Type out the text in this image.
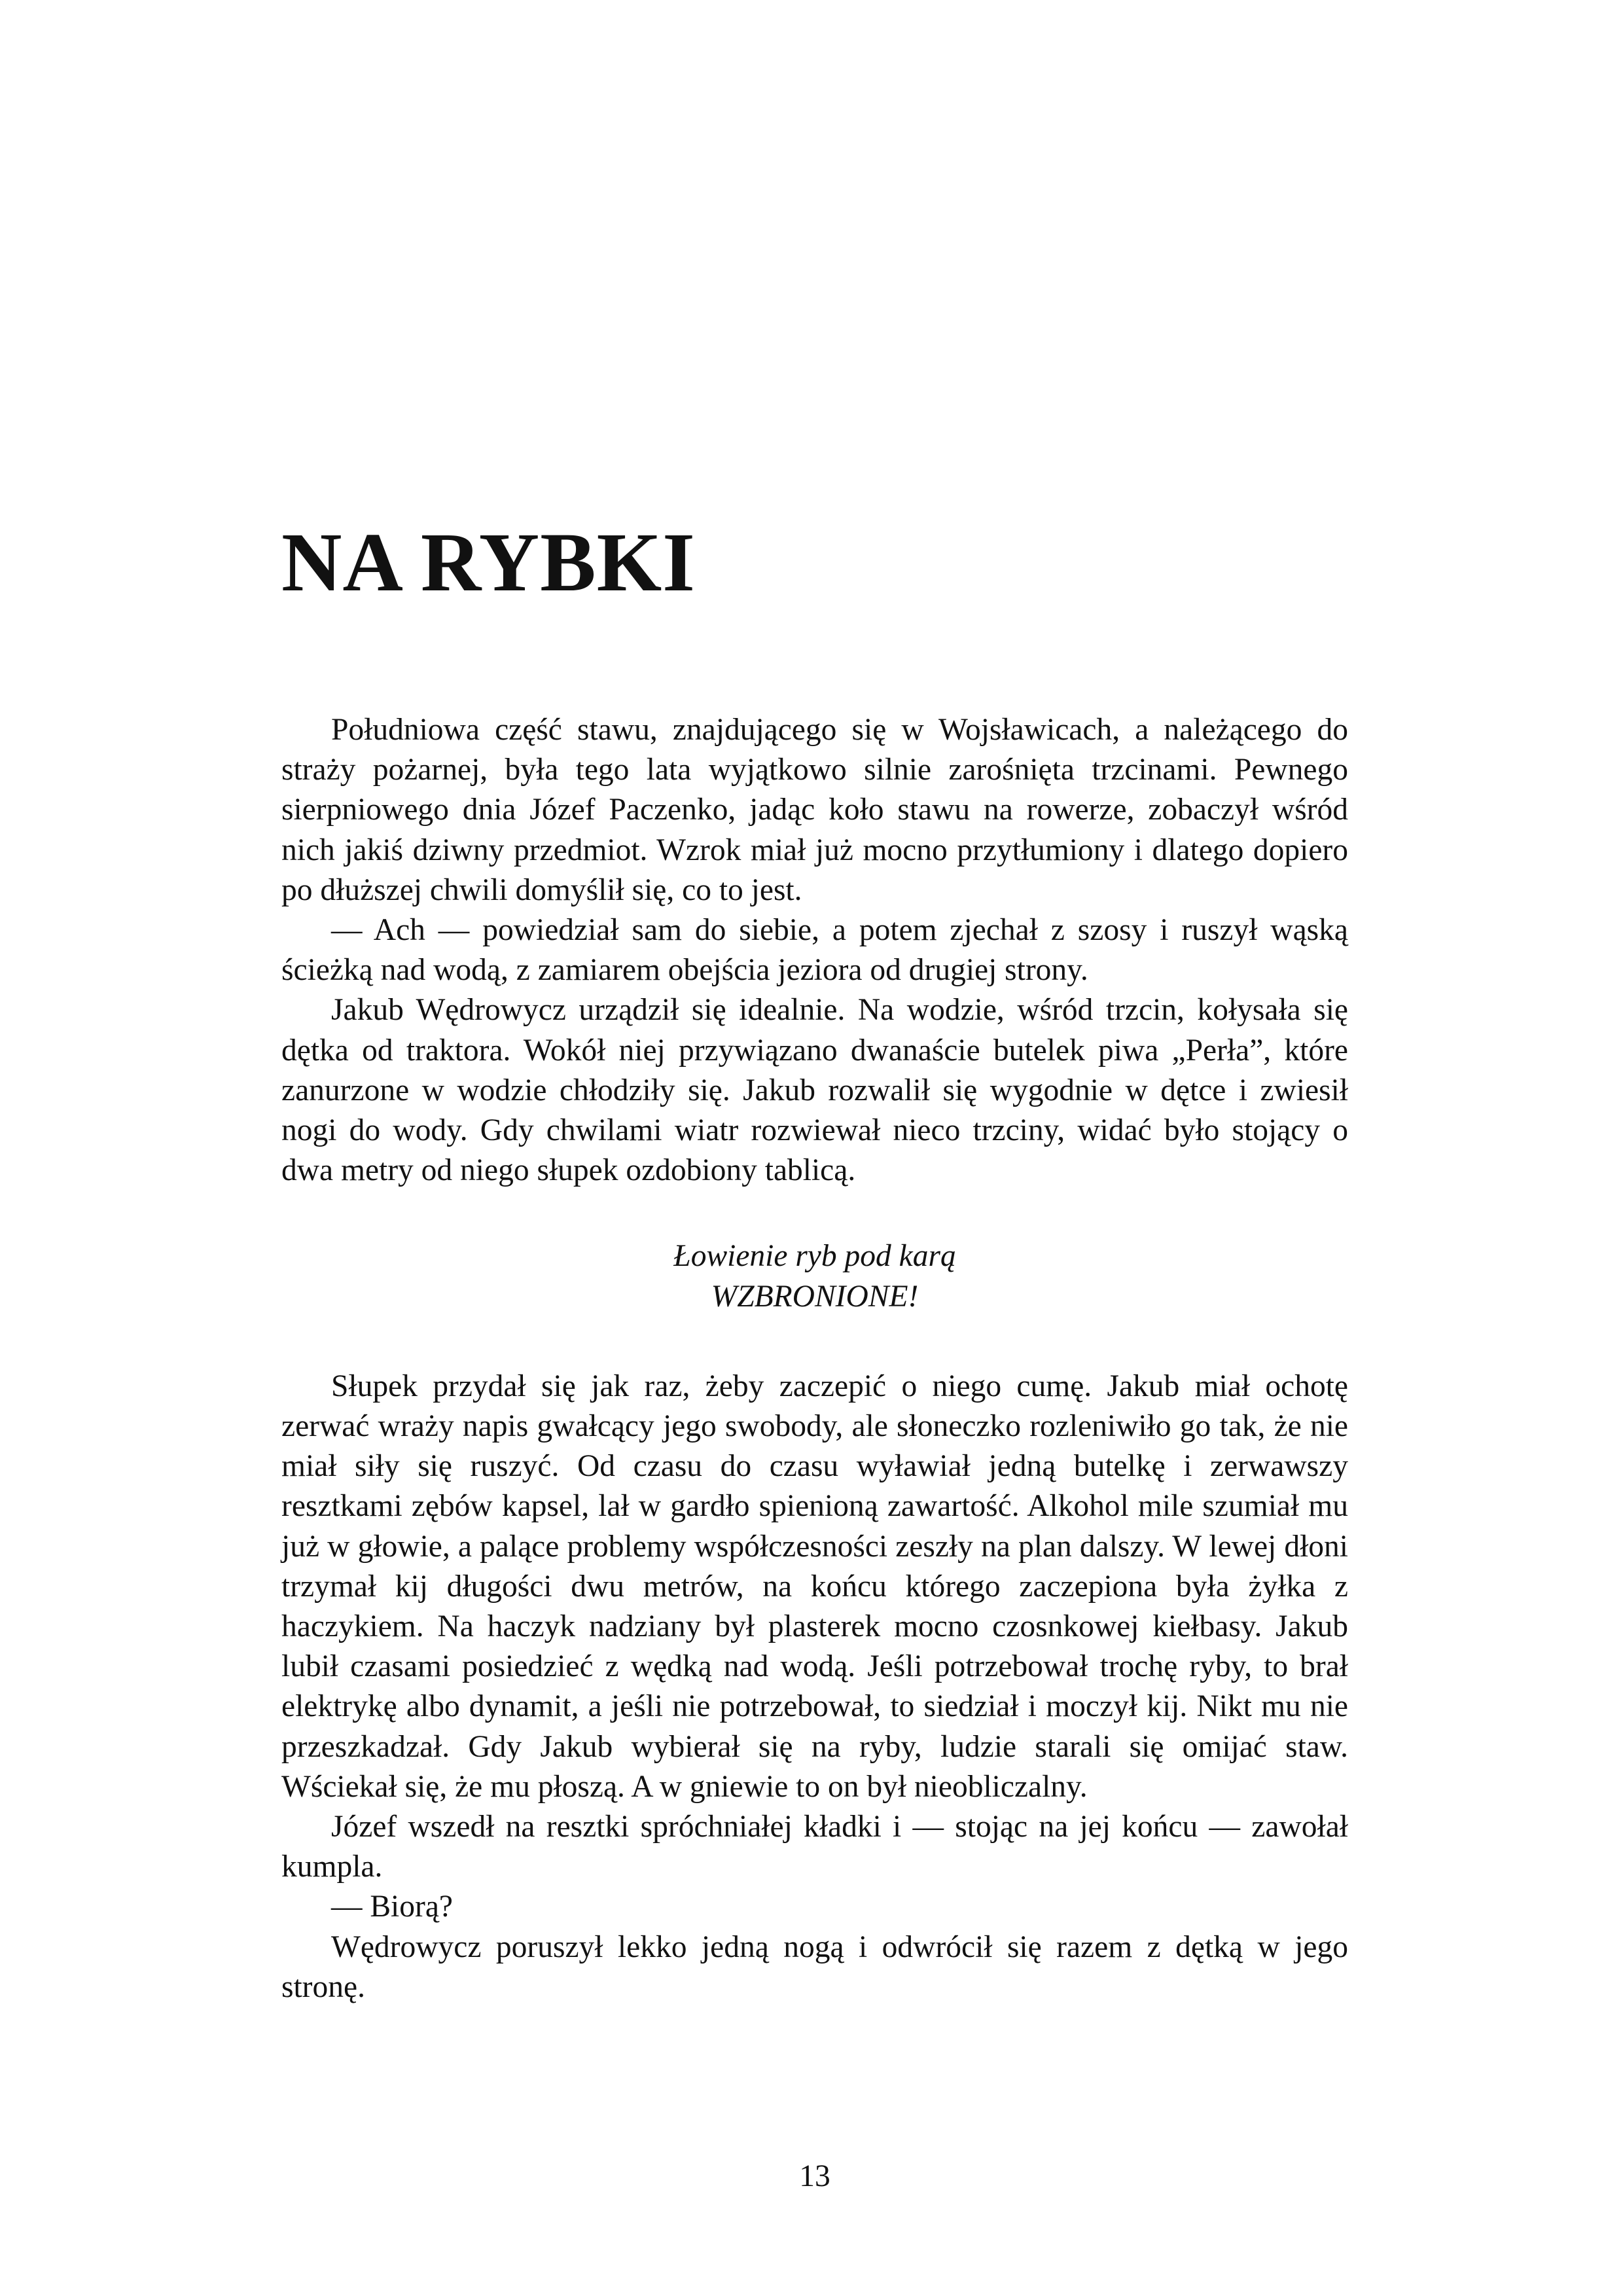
NA RYBKI

Południowa część stawu, znajdującego się w Wojsławicach, a należącego do straży pożarnej, była tego lata wyjątkowo silnie zarośnięta trzcinami. Pewnego sierpniowego dnia Józef Paczenko, jadąc koło stawu na rowerze, zobaczył wśród nich jakiś dziwny przedmiot. Wzrok miał już mocno przytłumiony i dlatego dopiero po dłuższej chwili domyślił się, co to jest.

— Ach — powiedział sam do siebie, a potem zjechał z szosy i ruszył wąską ścieżką nad wodą, z zamiarem obejścia jeziora od drugiej strony.

Jakub Wędrowycz urządził się idealnie. Na wodzie, wśród trzcin, kołysała się dętka od traktora. Wokół niej przywiązano dwanaście butelek piwa „Perła”, które zanurzone w wodzie chłodziły się. Jakub rozwalił się wygodnie w dętce i zwiesił nogi do wody. Gdy chwilami wiatr rozwiewał nieco trzciny, widać było stojący o dwa metry od niego słupek ozdobiony tablicą.

Łowienie ryb pod karą
WZBRONIONE!

Słupek przydał się jak raz, żeby zaczepić o niego cumę. Jakub miał ochotę zerwać wraży napis gwałcący jego swobody, ale słoneczko rozleniwiło go tak, że nie miał siły się ruszyć. Od czasu do czasu wyławiał jedną butelkę i zerwawszy resztkami zębów kapsel, lał w gardło spienioną zawartość. Alkohol mile szumiał mu już w głowie, a palące problemy współczesności zeszły na plan dalszy. W lewej dłoni trzymał kij długości dwu metrów, na końcu którego zaczepiona była żyłka z haczykiem. Na haczyk nadziany był plasterek mocno czosnkowej kiełbasy. Jakub lubił czasami posiedzieć z wędką nad wodą. Jeśli potrzebował trochę ryby, to brał elektrykę albo dynamit, a jeśli nie potrzebował, to siedział i moczył kij. Nikt mu nie przeszkadzał. Gdy Jakub wybierał się na ryby, ludzie starali się omijać staw. Wściekał się, że mu płoszą. A w gniewie to on był nieobliczalny.

Józef wszedł na resztki spróchniałej kładki i — stojąc na jej końcu — zawołał kumpla.

— Biorą?

Wędrowycz poruszył lekko jedną nogą i odwrócił się razem z dętką w jego stronę.

13
